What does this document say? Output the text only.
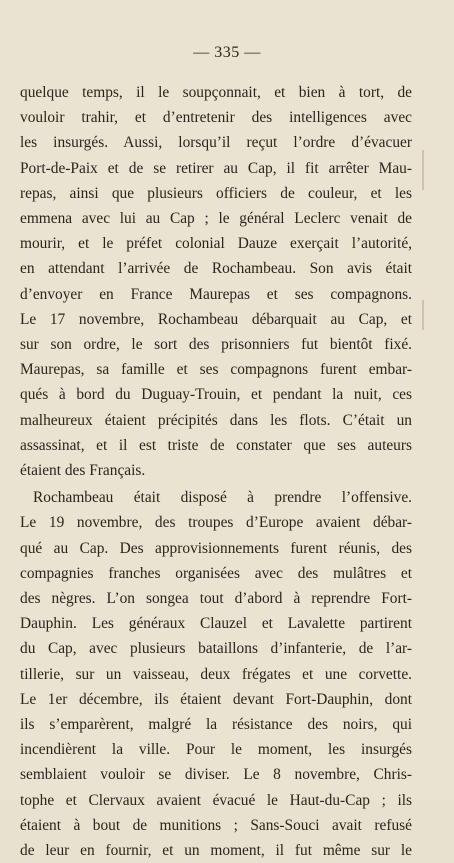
— 335 —
quelque temps, il le soupçonnait, et bien à tort, de
vouloir trahir, et d’entretenir des intelligences avec
les insurgés. Aussi, lorsqu’il reçut l’ordre d’évacuer
Port-de-Paix et de se retirer au Cap, il fit arrêter Mau-
repas, ainsi que plusieurs officiers de couleur, et les
emmena avec lui au Cap ; le général Leclerc venait de
mourir, et le préfet colonial Dauze exerçait l’autorité,
en attendant l’arrivée de Rochambeau. Son avis était
d’envoyer en France Maurepas et ses compagnons.
Le 17 novembre, Rochambeau débarquait au Cap, et
sur son ordre, le sort des prisonniers fut bientôt fixé.
Maurepas, sa famille et ses compagnons furent embar-
qués à bord du Duguay-Trouin, et pendant la nuit, ces
malheureux étaient précipités dans les flots. C’était un
assassinat, et il est triste de constater que ses auteurs
étaient des Français.
Rochambeau était disposé à prendre l’offensive.
Le 19 novembre, des troupes d’Europe avaient débar-
qué au Cap. Des approvisionnements furent réunis, des
compagnies franches organisées avec des mulâtres et
des nègres. L’on songea tout d’abord à reprendre Fort-
Dauphin. Les généraux Clauzel et Lavalette partirent
du Cap, avec plusieurs bataillons d’infanterie, de l’ar-
tillerie, sur un vaisseau, deux frégates et une corvette.
Le 1er décembre, ils étaient devant Fort-Dauphin, dont
ils s’emparèrent, malgré la résistance des noirs, qui
incendièrent la ville. Pour le moment, les insurgés
semblaient vouloir se diviser. Le 8 novembre, Chris-
tophe et Clervaux avaient évacué le Haut-du-Cap ; ils
étaient à bout de munitions ; Sans-Souci avait refusé
de leur en fournir, et un moment, il fut même sur le
